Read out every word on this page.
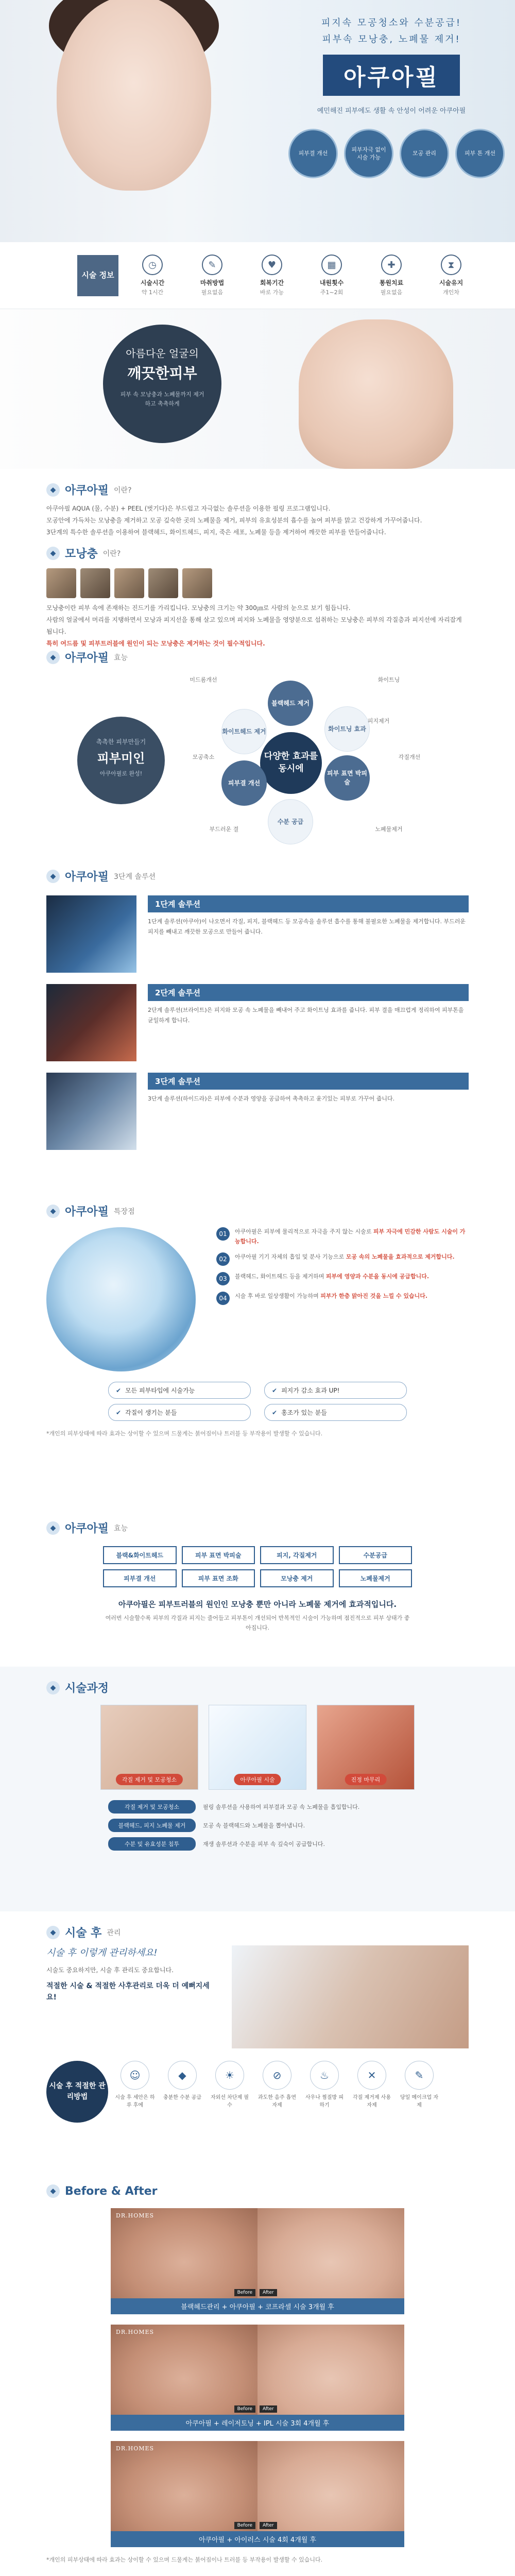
피지속 모공청소와 수분공급!
피부속 모낭충, 노폐물 제거!
아쿠아필
예민해진 피부에도 생활 속 안성이 어려운 아쿠아필
피부결 개선
피부자극 없이 시술 가능
모공 관리	피부 톤 개선
시술 정보
◷
시술시간
약 1시간
✎
마취방법
필요없음
♥
회복기간
바로 가능
▦
내원횟수
주1~2회
✚
통원치료
필요없음
⧗
시술유지
개인차
아름다운 얼굴의
깨끗한피부
피부 속 모낭충과 노폐물까지 제거하고 촉촉하게
◆ 아쿠아필 이란?

아쿠아필 AQUA (물, 수분) + PEEL (벗기다)은 부드럽고 자극없는 솔루션을 이용한 필링 프로그램입니다.

모공안에 가득차는 모낭충을 제거하고 모공 깊숙한 곳의 노폐물을 제거, 피부의 유효성분의 흡수를 높여 피부를 맑고 건강하게 가꾸어줍니다.

3단계의 특수한 솔루션을 이용하여 블랙헤드, 화이트헤드, 피지, 죽은 세포, 노폐물 등을 제거하여 깨끗한 피부를 만들어줍니다.

◆ 모낭충 이란?

모낭충이란 피부 속에 존재하는 진드기를 가리킵니다. 모낭충의 크기는 약 300㎛로 사람의 눈으로 보기 힘듭니다.

사람의 얼굴에서 머리를 지탱하면서 모낭과 피지선을 통해 살고 있으며 피지와 노폐물을 영양분으로 섭취하는 모낭충은 피부의 각질층과 피지선에 자리잡게 됩니다.

특히 여드름 및 피부트러블에 원인이 되는 모낭충은 제거하는 것이 필수적입니다.

◆ 아쿠아필 효능
촉촉한 피부만들기
피부미인
아쿠아필로 완성!
다양한 효과를 동시에
블랙헤드 제거
화이트헤드 제거
피부 표면 박피술
수분 공급
피부결 개선
화이트닝 효과
미드롬개선
모공축소
화이트닝
각질개선
피지제거
부드러운 결	노폐물제거
◆ 아쿠아필 3단계 솔루션
1단계 솔루션
1단계 솔루션(아쿠아)이 나오면서 각질, 피지, 블랙헤드 등 모공속을 솔루션 흡수를 통해 불필요한 노폐물을 제거합니다. 부드러운 피지를 빼내고 깨끗한 모공으로 만들어 줍니다.
2단계 솔루션
2단계 솔루션(브라이트)은 피지와 모공 속 노폐물을 빼내어 주고 화이트닝 효과를 줍니다. 피부 결을 매끄럽게 정리하여 피부톤을 균일하게 합니다.
3단계 솔루션
3단계 솔루션(하이드라)은 피부에 수분과 영양을 공급하여 촉촉하고 윤기있는 피부로 가꾸어 줍니다.
◆ 아쿠아필 특장점
01	아쿠아필은 피부에 물리적으로 자극을 주지 않는 시술로 피부 자극에 민감한 사람도 시술이 가능합니다.
02	아쿠아필 기기 자체의 흡입 및 분사 기능으로 모공 속의 노폐물을 효과적으로 제거합니다.
03	블랙헤드, 화이트헤드 등을 제거하며 피부에 영양과 수분을 동시에 공급합니다.
04	시술 후 바로 일상생활이 가능하며 피부가 한층 맑아진 것을 느낄 수 있습니다.
✔ 모든 피부타입에 시술가능	✔ 피지가 감소 효과 UP!
✔ 각질이 생기는 분들	✔ 홍조가 있는 분들

*개인의 피부상태에 따라 효과는 상이할 수 있으며 드물게는 붉어짐이나 트러블 등 부작용이 발생할 수 있습니다.

◆ 아쿠아필 효능
블랙&화이트헤드	피부 표면 박피술	피지, 각질제거	수분공급
피부결 개선	피부 표면 조화	모낭충 제거	노폐물제거

아쿠아필은 피부트러블의 원인인 모낭충 뿐만 아니라 노폐물 제거에 효과적입니다.

여러번 시술할수록 피부의 각질과 피지는 줄어들고 피부톤이 개선되어 반복적인 시술이 가능하며 점진적으로 피부 상태가 좋아집니다.

◆ 시술과정
각질 제거 및 모공청소	아쿠아필 시술	진정 마무리
각질 제거 및 모공청소	필링 솔루션을 사용하여 피부결과 모공 속 노폐물을 흡입합니다.
블랙헤드, 피지 노폐물 제거	모공 속 블랙헤드와 노폐물을 뽑아냅니다.
수분 및 유효성분 침투	재생 솔루션과 수분을 피부 속 깊숙이 공급합니다.
◆ 시술 후 관리
시술 후 이렇게 관리하세요!
시술도 중요하지만, 시술 후 관리도 중요합니다.
적절한 시술 & 적절한 사후관리로 더욱 더 예뻐지세요!
시술 후 적절한 관리방법
☺
시술 후 세안은 하루 후에
◆
충분한 수분 공급
☀
자외선 차단제 필수
⊘
과도한 음주 흡연 자제
♨
사우나 찜질방 피하기
✕
각질 제거제 사용 자제
✎
당일 메이크업 자제
◆ Before & After
DR.HOMES
Before	After
블랙헤드관리 + 아쿠아필 + 코프라셀 시술 3개월 후
DR.HOMES
Before	After
아쿠아필 + 레이저토닝 + IPL 시술 3회 4개월 후
DR.HOMES
Before	After
아쿠아필 + 아이러스 시술 4회 4개월 후

*개인의 피부상태에 따라 효과는 상이할 수 있으며 드물게는 붉어짐이나 트러블 등 부작용이 발생할 수 있습니다.
